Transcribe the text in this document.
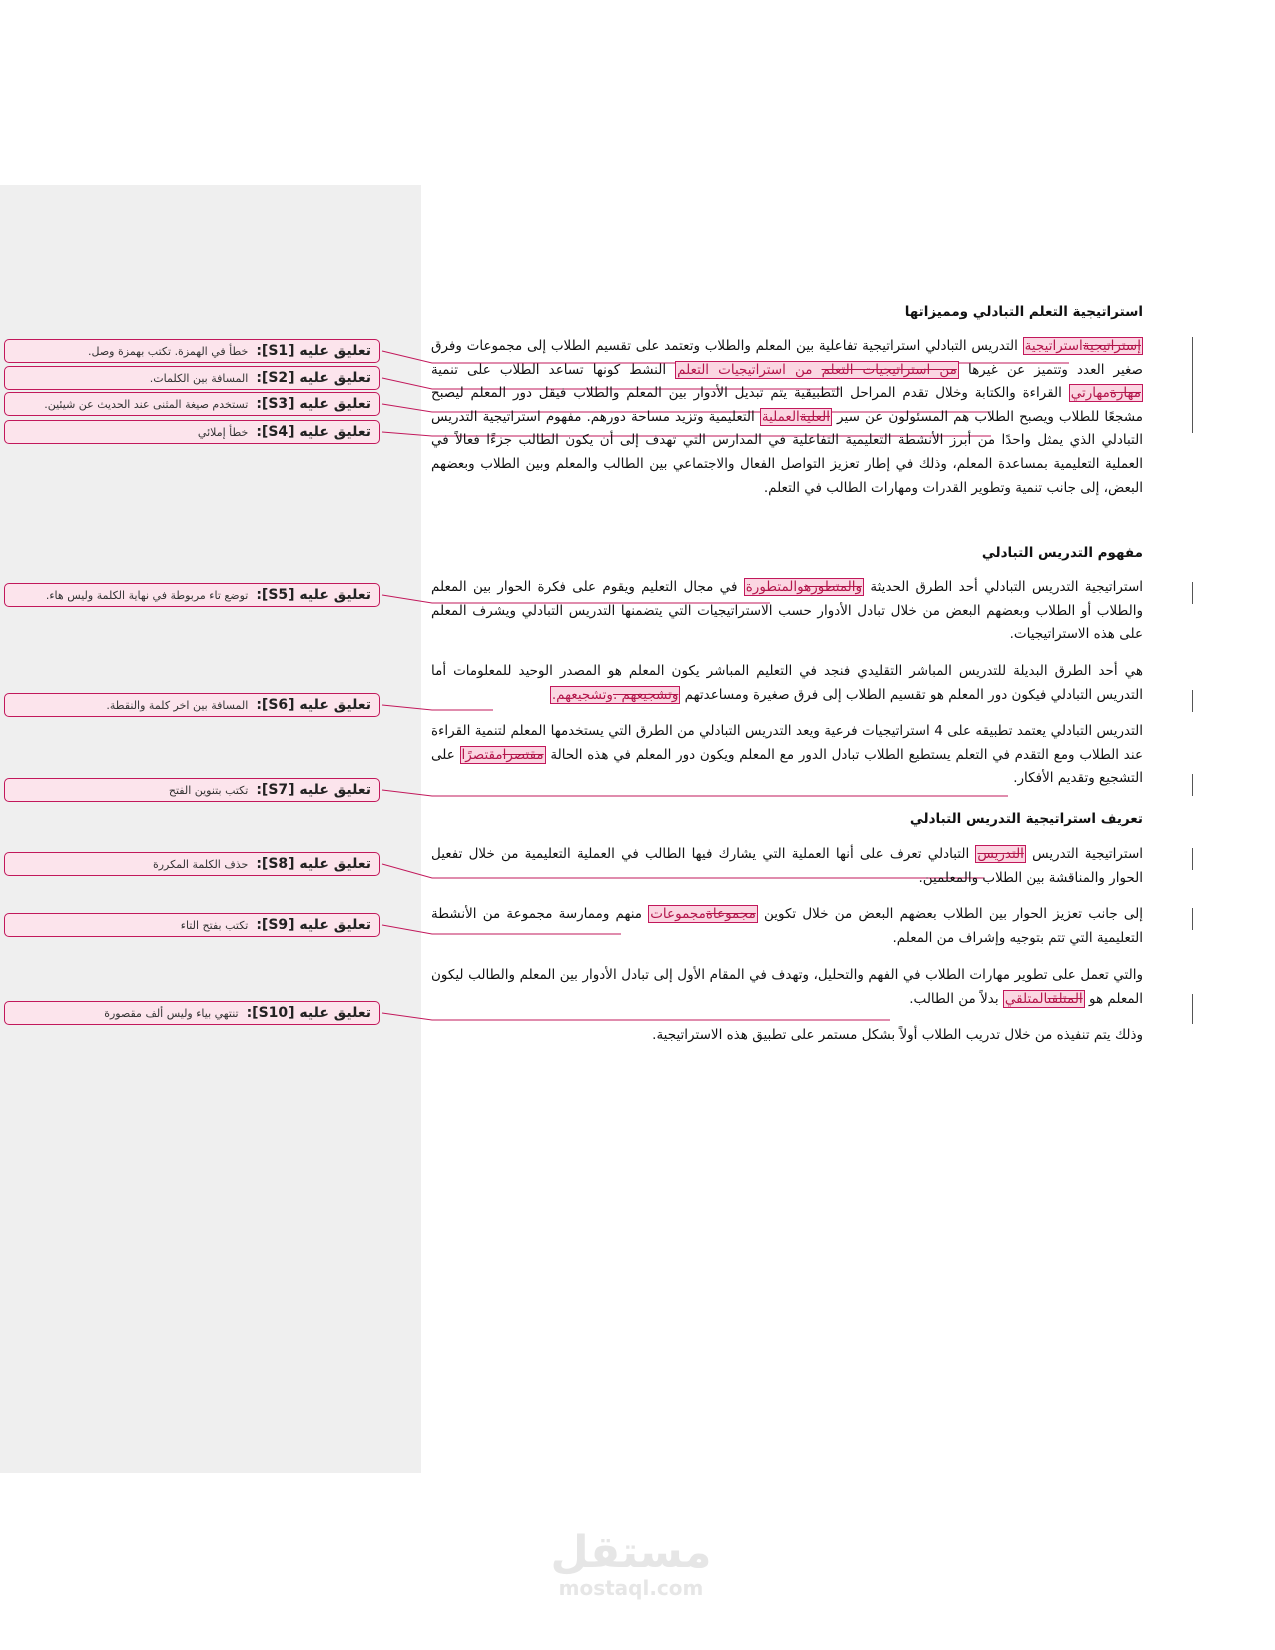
استراتيجية التعلم التبادلي ومميزاتها
إستراتيجيةاستراتيجية التدريس التبادلي استراتيجية تفاعلية بين المعلم والطلاب وتعتمد على تقسيم الطلاب إلى مجموعات وفرق صغير العدد وتتميز عن غيرها من استراتيجيات التعلم من استراتيجيات التعلم النشط كونها تساعد الطلاب على تنمية مهارةمهارتي القراءة والكتابة وخلال تقدم المراحل التطبيقية يتم تبديل الأدوار بين المعلم والطلاب فيقل دور المعلم ليصبح مشجعًا للطلاب ويصبح الطلاب هم المسئولون عن سير العليةالعملية التعليمية وتزيد مساحة دورهم. مفهوم استراتيجية التدريس التبادلي الذي يمثل واحدًا من أبرز الأنشطة التعليمية التفاعلية في المدارس التي تهدف إلى أن يكون الطالب جزءًا فعالاً في العملية التعليمية بمساعدة المعلم، وذلك في إطار تعزيز التواصل الفعال والاجتماعي بين الطالب والمعلم وبين الطلاب وبعضهم البعض، إلى جانب تنمية وتطوير القدرات ومهارات الطالب في التعلم.
مفهوم التدريس التبادلي
استراتيجية التدريس التبادلي أحد الطرق الحديثة والمتطورهوالمتطورة في مجال التعليم ويقوم على فكرة الحوار بين المعلم والطلاب أو الطلاب وبعضهم البعض من خلال تبادل الأدوار حسب الاستراتيجيات التي يتضمنها التدريس التبادلي ويشرف المعلم على هذه الاستراتيجيات.
هي أحد الطرق البديلة للتدريس المباشر التقليدي فنجد في التعليم المباشر يكون المعلم هو المصدر الوحيد للمعلومات أما التدريس التبادلي فيكون دور المعلم هو تقسيم الطلاب إلى فرق صغيرة ومساعدتهم وتشجيعهم .وتشجيعهم.
التدريس التبادلي يعتمد تطبيقه على 4 استراتيجيات فرعية ويعد التدريس التبادلي من الطرق التي يستخدمها المعلم لتنمية القراءة عند الطلاب ومع التقدم في التعلم يستطيع الطلاب تبادل الدور مع المعلم ويكون دور المعلم في هذه الحالة مقتصرامقتصرًا على التشجيع وتقديم الأفكار.
تعريف استراتيجية التدريس التبادلي
استراتيجية التدريس التدريس التبادلي تعرف على أنها العملية التي يشارك فيها الطالب في العملية التعليمية من خلال تفعيل الحوار والمناقشة بين الطلاب والمعلمين.
إلى جانب تعزيز الحوار بين الطلاب بعضهم البعض من خلال تكوين مجموعاةمجموعات منهم وممارسة مجموعة من الأنشطة التعليمية التي تتم بتوجيه وإشراف من المعلم.
والتي تعمل على تطوير مهارات الطلاب في الفهم والتحليل، وتهدف في المقام الأول إلى تبادل الأدوار بين المعلم والطالب ليكون المعلم هو المتلقىالمتلقي بدلاً من الطالب.
وذلك يتم تنفيذه من خلال تدريب الطلاب أولاً بشكل مستمر على تطبيق هذه الاستراتيجية.
تعليق عليه [S1]:
خطأ في الهمزة. تكتب بهمزة وصل.
تعليق عليه [S2]:
المسافة بين الكلمات.
تعليق عليه [S3]:
تستخدم صيغة المثنى عند الحديث عن شيئين.
تعليق عليه [S4]:
خطأ إملائي
تعليق عليه [S5]:
توضع تاء مربوطة في نهاية الكلمة وليس هاء.
تعليق عليه [S6]:
المسافة بين اخر كلمة والنقطة.
تعليق عليه [S7]:
تكتب بتنوين الفتح
تعليق عليه [S8]:
حذف الكلمة المكررة
تعليق عليه [S9]:
تكتب بفتح التاء
تعليق عليه [S10]:
تنتهي بياء وليس ألف مقصورة
مستقل
mostaql.com
